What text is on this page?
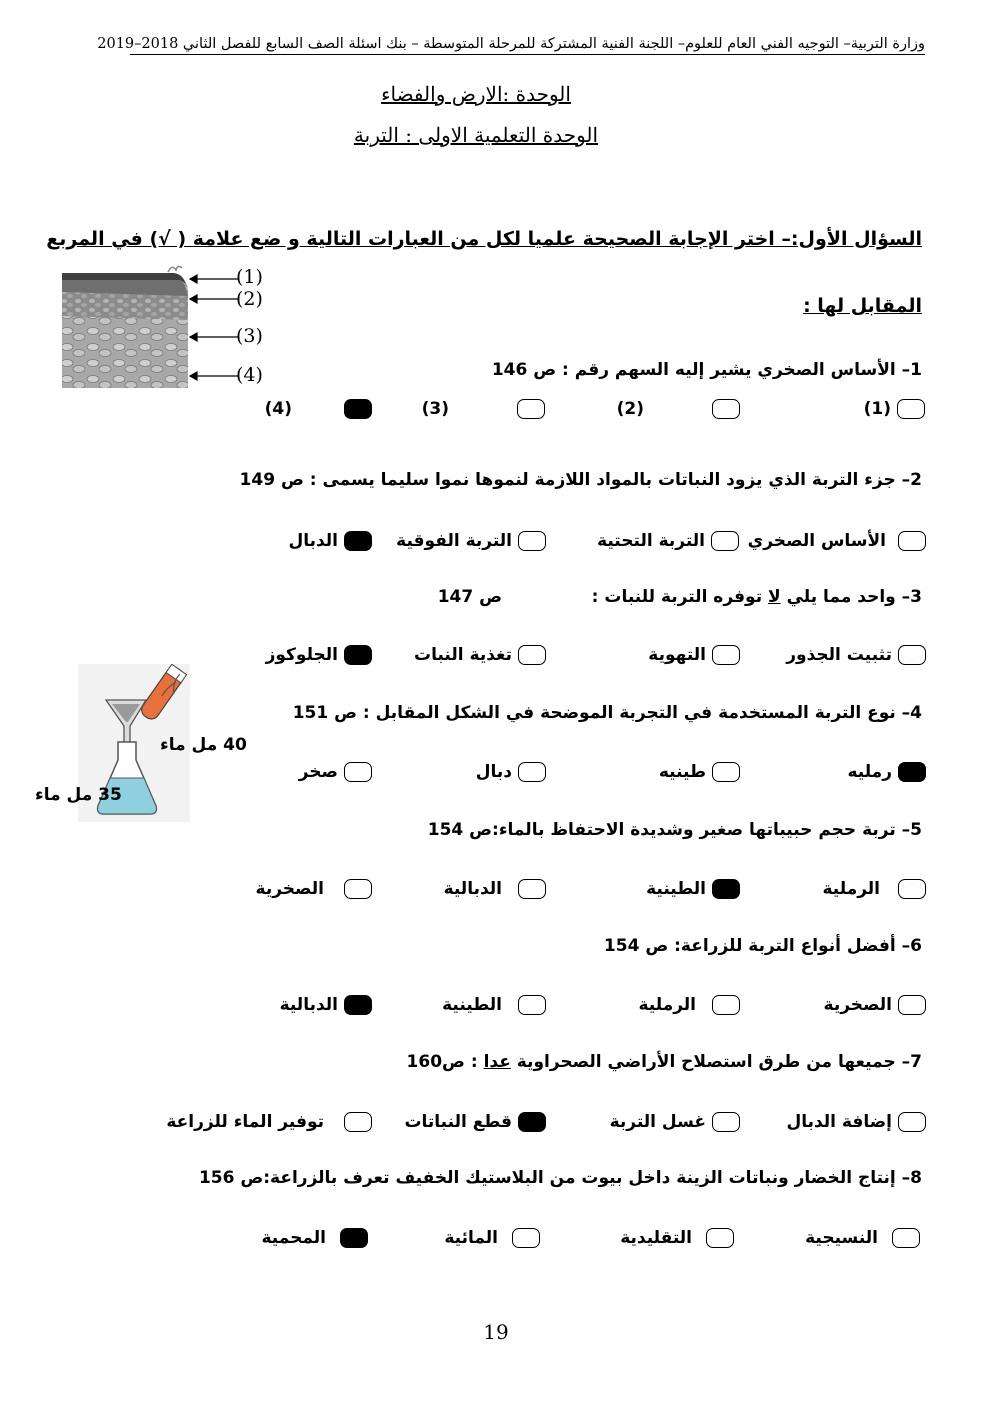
وزارة التربية– التوجيه الفني العام للعلوم– اللجنة الفنية المشتركة للمرحلة المتوسطة – بنك اسئلة الصف السابع للفصل الثاني 2018–2019
الوحدة :الارض والفضاء
الوحدة التعلمية الاولى : التربة
السؤال الأول:– اختر الإجابة الصحيحة علميا لكل من العبارات التالية و ضع علامة ( √) في المربع
المقابل لها :
(1)
(2)
(3)
(4)	1– الأساس الصخري يشير إليه السهم رقم : ص 146
(1)
(2)
(3)
(4)
2– جزء التربة الذي يزود النباتات بالمواد اللازمة لنموها نموا سليما يسمى : ص 149
الأساس الصخري
التربة التحتية
التربة الفوقية
الدبال
3– واحد مما يلي لا توفره التربة للنبات :
ص 147
تثبيت الجذور
التهوية
تغذية النبات
الجلوكوز
40 مل ماء
35 مل ماء
4– نوع التربة المستخدمة في التجربة الموضحة في الشكل المقابل : ص 151
رمليه
طينيه
دبال
صخر
5– تربة حجم حبيباتها صغير وشديدة الاحتفاظ بالماء:ص 154
الرملية
الطينية
الدبالية
الصخرية
6– أفضل أنواع التربة للزراعة: ص 154
الصخرية
الرملية
الطينية
الدبالية
7– جميعها من طرق استصلاح الأراضي الصحراوية عدا : ص160
إضافة الدبال
غسل التربة
قطع النباتات
توفير الماء للزراعة
8– إنتاج الخضار ونباتات الزينة داخل بيوت من البلاستيك الخفيف تعرف بالزراعة:ص 156
النسيجية
التقليدية
المائية
المحمية
19
